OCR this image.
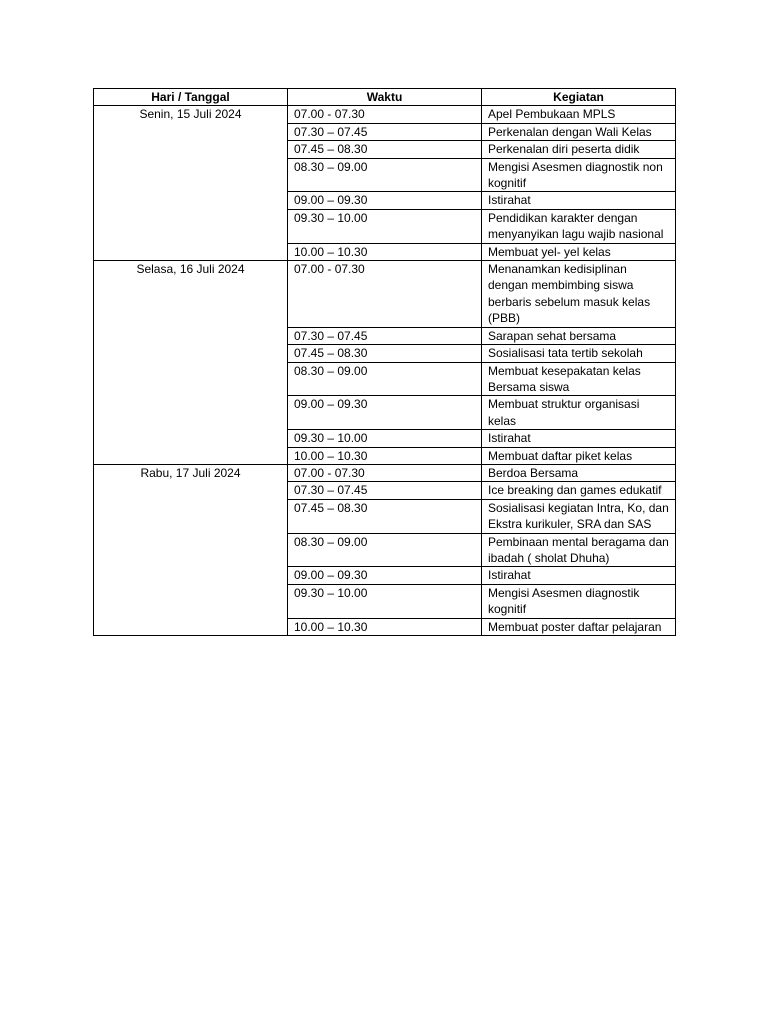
Hari / Tanggal	Waktu	Kegiatan
Senin, 15 Juli 2024	07.00 - 07.30	Apel Pembukaan MPLS
	07.30 – 07.45	Perkenalan dengan Wali Kelas
	07.45 – 08.30	Perkenalan diri peserta didik
	08.30 – 09.00	Mengisi Asesmen diagnostik non kognitif
	09.00 – 09.30	Istirahat
	09.30 – 10.00	Pendidikan karakter dengan menyanyikan lagu wajib nasional
	10.00 – 10.30	Membuat yel- yel kelas
Selasa, 16 Juli 2024	07.00 - 07.30	Menanamkan kedisiplinan dengan membimbing siswa berbaris sebelum masuk kelas (PBB)
	07.30 – 07.45	Sarapan sehat bersama
	07.45 – 08.30	Sosialisasi tata tertib sekolah
	08.30 – 09.00	Membuat kesepakatan kelas Bersama siswa
	09.00 – 09.30	Membuat struktur organisasi kelas
	09.30 – 10.00	Istirahat
	10.00 – 10.30	Membuat daftar piket kelas
Rabu, 17 Juli 2024	07.00 - 07.30	Berdoa Bersama
	07.30 – 07.45	Ice breaking dan games edukatif
	07.45 – 08.30	Sosialisasi kegiatan Intra, Ko, dan Ekstra kurikuler, SRA dan SAS
	08.30 – 09.00	Pembinaan mental beragama dan ibadah ( sholat Dhuha)
	09.00 – 09.30	Istirahat
	09.30 – 10.00	Mengisi Asesmen diagnostik kognitif
	10.00 – 10.30	Membuat poster daftar pelajaran
